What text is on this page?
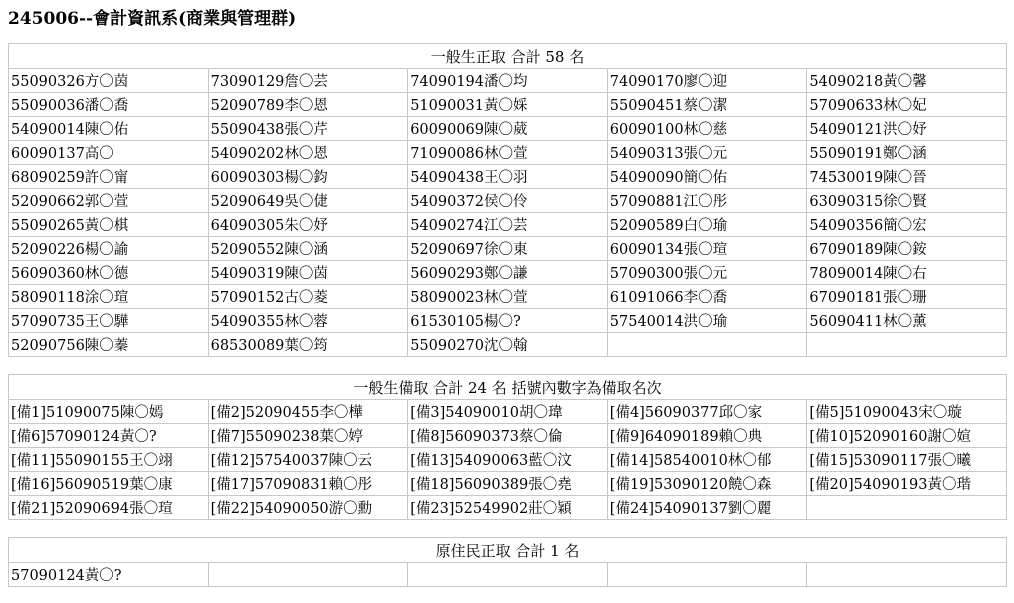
245006--會計資訊系(商業與管理群)
一般生正取 合計 58 名				
55090326方〇茵	73090129詹〇芸	74090194潘〇均	74090170廖〇迎	54090218黃〇馨
55090036潘〇喬	52090789李〇恩	51090031黃〇婇	55090451蔡〇潔	57090633林〇妃
54090014陳〇佑	55090438張〇芹	60090069陳〇葳	60090100林〇慈	54090121洪〇妤
60090137高〇	54090202林〇恩	71090086林〇萱	54090313張〇元	55090191鄭〇涵
68090259許〇甯	60090303楊〇鈞	54090438王〇羽	54090090簡〇佑	74530019陳〇晉
52090662郭〇萱	52090649吳〇倢	54090372侯〇伶	57090881江〇彤	63090315徐〇賢
55090265黃〇棋	64090305朱〇妤	54090274江〇芸	52090589白〇瑜	54090356簡〇宏
52090226楊〇諭	52090552陳〇涵	52090697徐〇東	60090134張〇瑄	67090189陳〇銨
56090360林〇德	54090319陳〇茵	56090293鄭〇謙	57090300張〇元	78090014陳〇右
58090118涂〇瑄	57090152古〇菱	58090023林〇萱	61091066李〇喬	67090181張〇珊
57090735王〇驊	54090355林〇蓉	61530105楊〇?	57540014洪〇瑜	56090411林〇薰
52090756陳〇蓁	68530089葉〇筠	55090270沈〇翰		
一般生備取 合計 24 名 括號內數字為備取名次				
[備1]51090075陳〇嫣	[備2]52090455李〇樺	[備3]54090010胡〇瑋	[備4]56090377邱〇家	[備5]51090043宋〇璇
[備6]57090124黃〇?	[備7]55090238葉〇婷	[備8]56090373蔡〇倫	[備9]64090189賴〇典	[備10]52090160謝〇媗
[備11]55090155王〇翊	[備12]57540037陳〇云	[備13]54090063藍〇汶	[備14]58540010林〇郁	[備15]53090117張〇曦
[備16]56090519葉〇康	[備17]57090831賴〇彤	[備18]56090389張〇堯	[備19]53090120饒〇森	[備20]54090193黃〇瑎
[備21]52090694張〇瑄	[備22]54090050游〇勳	[備23]52549902莊〇穎	[備24]54090137劉〇麗	
原住民正取 合計 1 名
57090124黃〇?				
